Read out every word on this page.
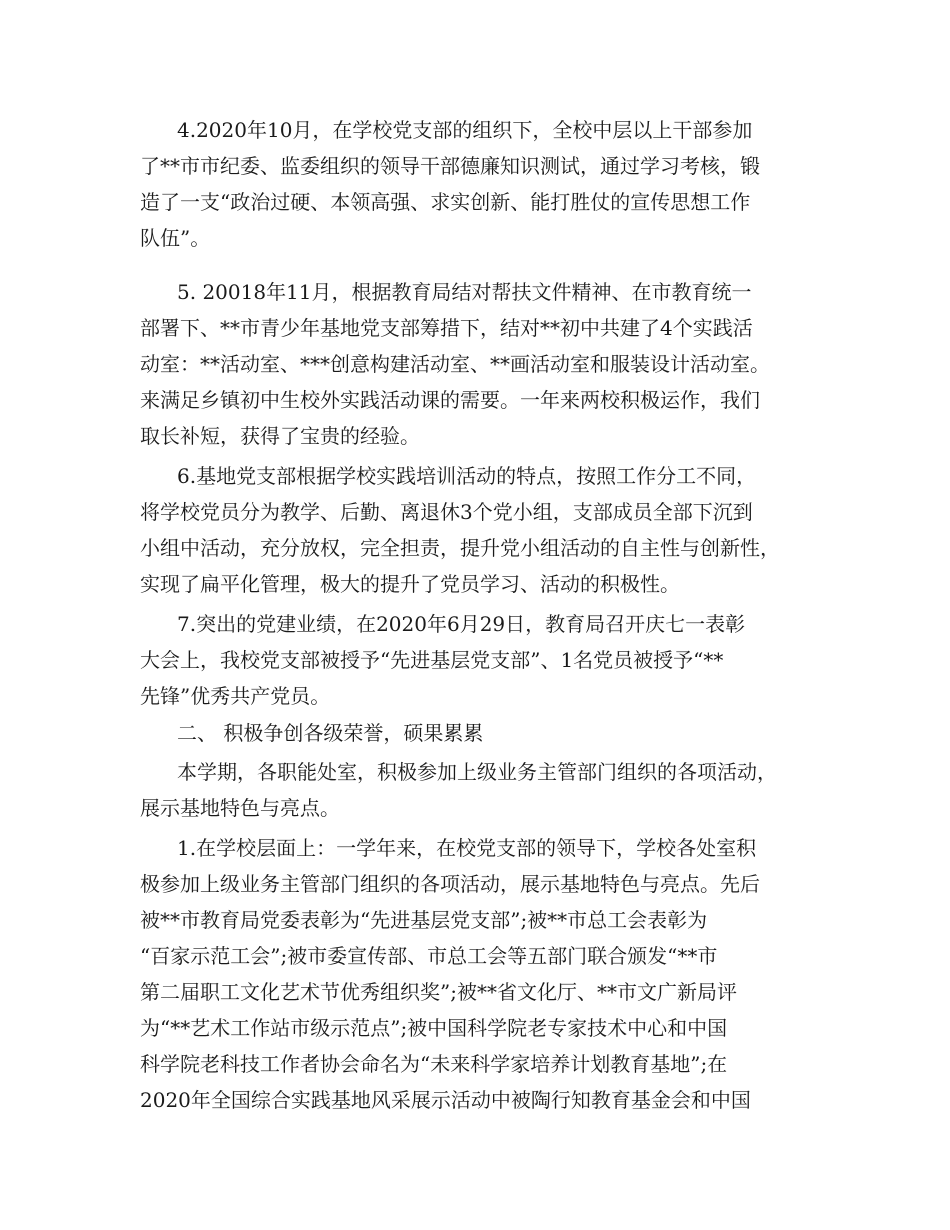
4.2020年10月，在学校党支部的组织下，全校中层以上干部参加
了**市市纪委、监委组织的领导干部德廉知识测试，通过学习考核，锻
造了一支“政治过硬、本领高强、求实创新、能打胜仗的宣传思想工作
队伍”。
5. 20018年11月，根据教育局结对帮扶文件精神、在市教育统一
部署下、**市青少年基地党支部筹措下，结对**初中共建了4个实践活
动室：**活动室、***创意构建活动室、**画活动室和服装设计活动室。
来满足乡镇初中生校外实践活动课的需要。一年来两校积极运作，我们
取长补短，获得了宝贵的经验。
6.基地党支部根据学校实践培训活动的特点，按照工作分工不同，
将学校党员分为教学、后勤、离退休3个党小组，支部成员全部下沉到
小组中活动，充分放权，完全担责，提升党小组活动的自主性与创新性，
实现了扁平化管理，极大的提升了党员学习、活动的积极性。
7.突出的党建业绩，在2020年6月29日，教育局召开庆七一表彰
大会上，我校党支部被授予“先进基层党支部”、1名党员被授予“**
先锋”优秀共产党员。
二、 积极争创各级荣誉，硕果累累
本学期，各职能处室，积极参加上级业务主管部门组织的各项活动，
展示基地特色与亮点。
1.在学校层面上：一学年来，在校党支部的领导下，学校各处室积
极参加上级业务主管部门组织的各项活动，展示基地特色与亮点。先后
被**市教育局党委表彰为“先进基层党支部”;被**市总工会表彰为
“百家示范工会”;被市委宣传部、市总工会等五部门联合颁发“**市
第二届职工文化艺术节优秀组织奖”;被**省文化厅、**市文广新局评
为“**艺术工作站市级示范点”;被中国科学院老专家技术中心和中国
科学院老科技工作者协会命名为“未来科学家培养计划教育基地”;在
2020年全国综合实践基地风采展示活动中被陶行知教育基金会和中国
